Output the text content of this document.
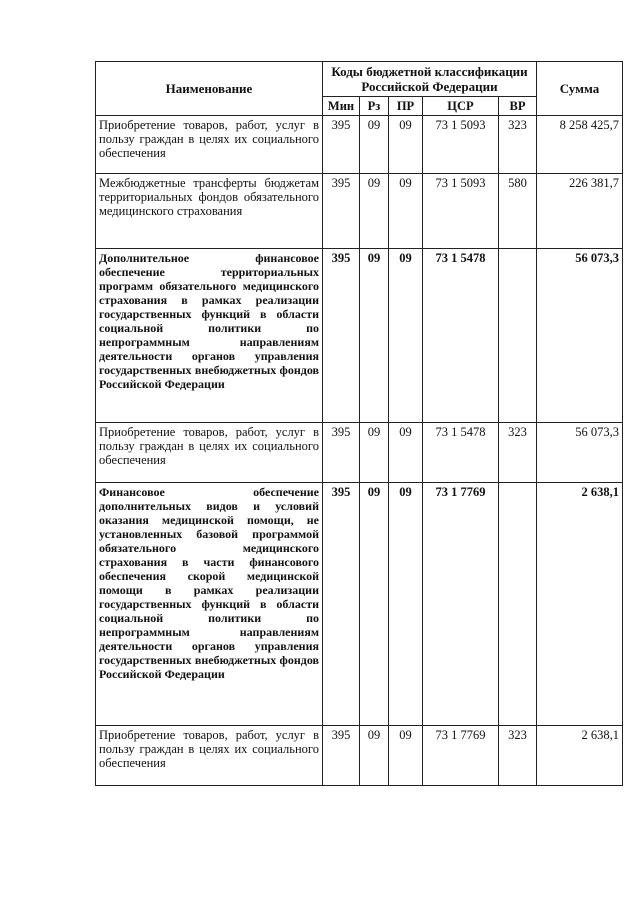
Наименование	Коды бюджетной классификации Российской Федерации					Сумма
	Мин	Рз	ПР	ЦСР	ВР	
Приобретение товаров, работ, услуг в пользу граждан в целях их социального обеспечения	395	09	09	73 1 5093	323	8 258 425,7
Межбюджетные трансферты бюджетам территориальных фондов обязательного медицинского страхования	395	09	09	73 1 5093	580	226 381,7
Дополнительное финансовое обеспечение территориальных программ обязательного медицинского страхования в рамках реализации государственных функций в области социальной политики по непрограммным направлениям деятельности органов управления государственных внебюджетных фондов Российской Федерации	395	09	09	73 1 5478		56 073,3
Приобретение товаров, работ, услуг в пользу граждан в целях их социального обеспечения	395	09	09	73 1 5478	323	56 073,3
Финансовое обеспечение дополнительных видов и условий оказания медицинской помощи, не установленных базовой программой обязательного медицинского страхования в части финансового обеспечения скорой медицинской помощи в рамках реализации государственных функций в области социальной политики по непрограммным направлениям деятельности органов управления государственных внебюджетных фондов Российской Федерации	395	09	09	73 1 7769		2 638,1
Приобретение товаров, работ, услуг в пользу граждан в целях их социального обеспечения	395	09	09	73 1 7769	323	2 638,1
